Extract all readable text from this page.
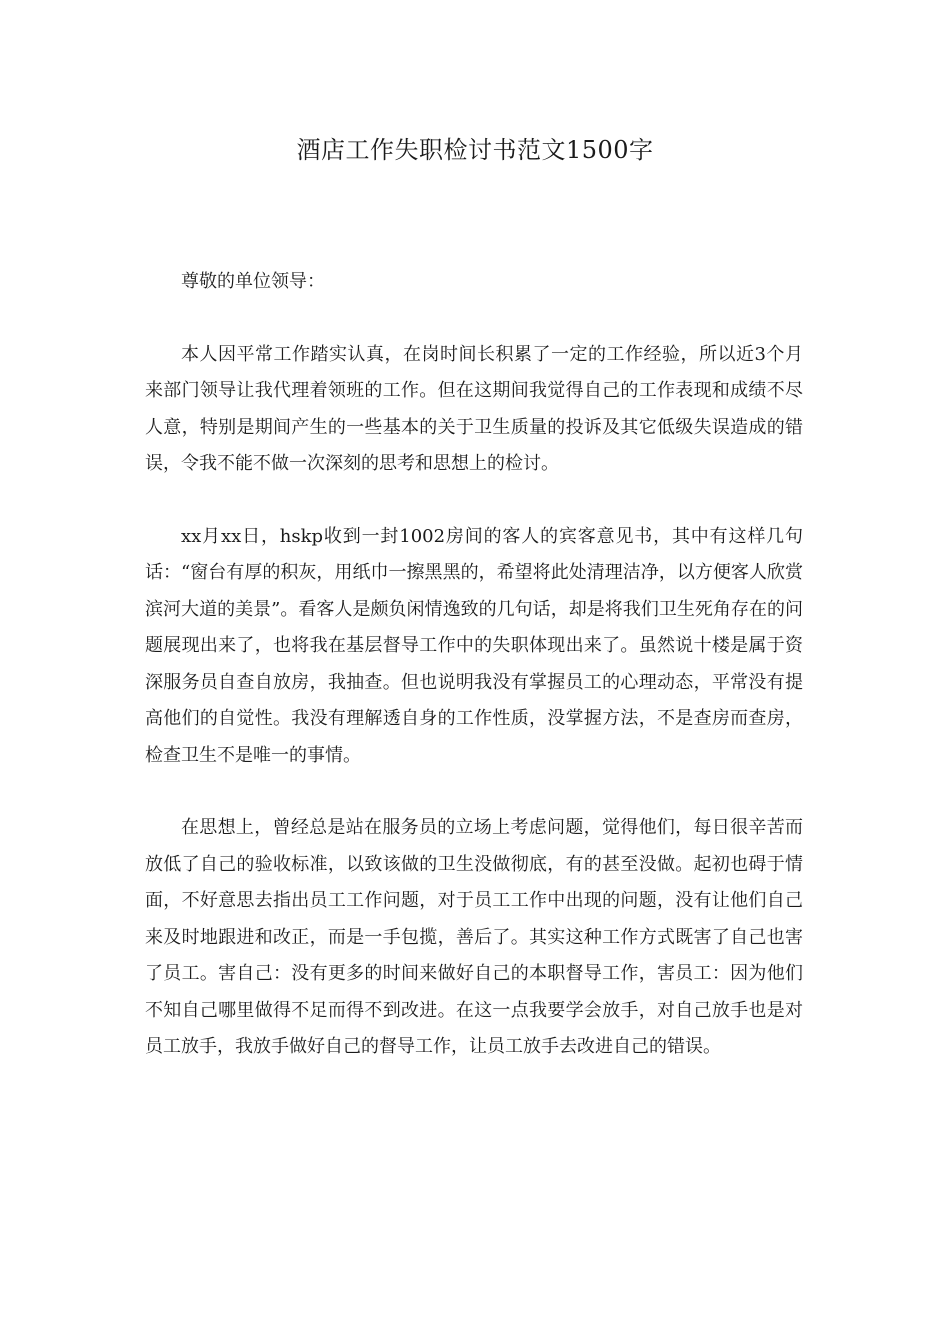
酒店工作失职检讨书范文1500字

尊敬的单位领导：

本人因平常工作踏实认真，在岗时间长积累了一定的工作经验，所以近3个月来部门领导让我代理着领班的工作。但在这期间我觉得自己的工作表现和成绩不尽人意，特别是期间产生的一些基本的关于卫生质量的投诉及其它低级失误造成的错误，令我不能不做一次深刻的思考和思想上的检讨。

xx月xx日，hskp收到一封1002房间的客人的宾客意见书，其中有这样几句话：“窗台有厚的积灰，用纸巾一擦黑黑的，希望将此处清理洁净，以方便客人欣赏滨河大道的美景”。看客人是颇负闲情逸致的几句话，却是将我们卫生死角存在的问题展现出来了，也将我在基层督导工作中的失职体现出来了。虽然说十楼是属于资深服务员自查自放房，我抽查。但也说明我没有掌握员工的心理动态，平常没有提高他们的自觉性。我没有理解透自身的工作性质，没掌握方法，不是查房而查房，检查卫生不是唯一的事情。

在思想上，曾经总是站在服务员的立场上考虑问题，觉得他们，每日很辛苦而放低了自己的验收标准，以致该做的卫生没做彻底，有的甚至没做。起初也碍于情面，不好意思去指出员工工作问题，对于员工工作中出现的问题，没有让他们自己来及时地跟进和改正，而是一手包揽，善后了。其实这种工作方式既害了自己也害了员工。害自己：没有更多的时间来做好自己的本职督导工作，害员工：因为他们不知自己哪里做得不足而得不到改进。在这一点我要学会放手，对自己放手也是对员工放手，我放手做好自己的督导工作，让员工放手去改进自己的错误。
